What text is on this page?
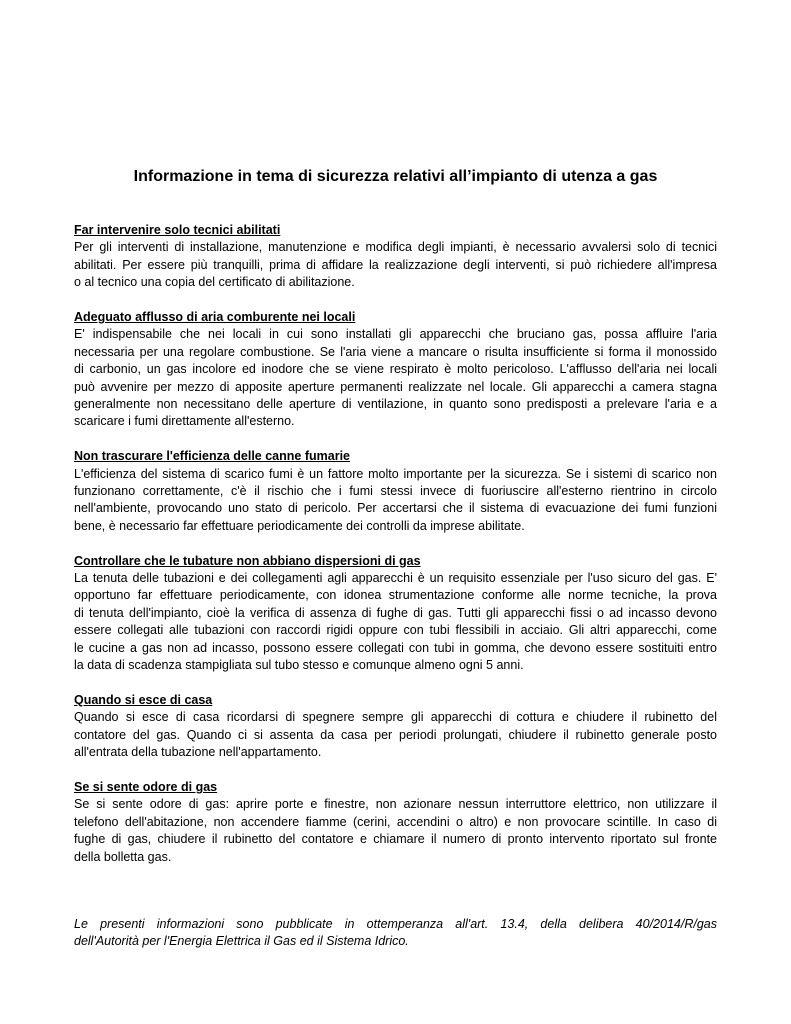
Informazione in tema di sicurezza relativi all’impianto di utenza a gas
Far intervenire solo tecnici abilitati
Per gli interventi di installazione, manutenzione e modifica degli impianti, è necessario avvalersi solo di tecnici
abilitati. Per essere più tranquilli, prima di affidare la realizzazione degli interventi, si può richiedere all'impresa
o al tecnico una copia del certificato di abilitazione.
Adeguato afflusso di aria comburente nei locali
E' indispensabile che nei locali in cui sono installati gli apparecchi che bruciano gas, possa affluire l'aria
necessaria per una regolare combustione. Se l'aria viene a mancare o risulta insufficiente si forma il monossido
di carbonio, un gas incolore ed inodore che se viene respirato è molto pericoloso. L'afflusso dell'aria nei locali
può avvenire per mezzo di apposite aperture permanenti realizzate nel locale. Gli apparecchi a camera stagna
generalmente non necessitano delle aperture di ventilazione, in quanto sono predisposti a prelevare l'aria e a
scaricare i fumi direttamente all'esterno.
Non trascurare l'efficienza delle canne fumarie
L'efficienza del sistema di scarico fumi è un fattore molto importante per la sicurezza. Se i sistemi di scarico non
funzionano correttamente, c'è il rischio che i fumi stessi invece di fuoriuscire all'esterno rientrino in circolo
nell'ambiente, provocando uno stato di pericolo. Per accertarsi che il sistema di evacuazione dei fumi funzioni
bene, è necessario far effettuare periodicamente dei controlli da imprese abilitate.
Controllare che le tubature non abbiano dispersioni di gas
La tenuta delle tubazioni e dei collegamenti agli apparecchi è un requisito essenziale per l'uso sicuro del gas. E'
opportuno far effettuare periodicamente, con idonea strumentazione conforme alle norme tecniche, la prova
di tenuta dell'impianto, cioè la verifica di assenza di fughe di gas. Tutti gli apparecchi fissi o ad incasso devono
essere collegati alle tubazioni con raccordi rigidi oppure con tubi flessibili in acciaio. Gli altri apparecchi, come
le cucine a gas non ad incasso, possono essere collegati con tubi in gomma, che devono essere sostituiti entro
la data di scadenza stampigliata sul tubo stesso e comunque almeno ogni 5 anni.
Quando si esce di casa
Quando si esce di casa ricordarsi di spegnere sempre gli apparecchi di cottura e chiudere il rubinetto del
contatore del gas. Quando ci si assenta da casa per periodi prolungati, chiudere il rubinetto generale posto
all'entrata della tubazione nell'appartamento.
Se si sente odore di gas
Se si sente odore di gas: aprire porte e finestre, non azionare nessun interruttore elettrico, non utilizzare il
telefono dell'abitazione, non accendere fiamme (cerini, accendini o altro) e non provocare scintille. In caso di
fughe di gas, chiudere il rubinetto del contatore e chiamare il numero di pronto intervento riportato sul fronte
della bolletta gas.
Le presenti informazioni sono pubblicate in ottemperanza all'art. 13.4, della delibera 40/2014/R/gas
dell'Autorità per l'Energia Elettrica il Gas ed il Sistema Idrico.
